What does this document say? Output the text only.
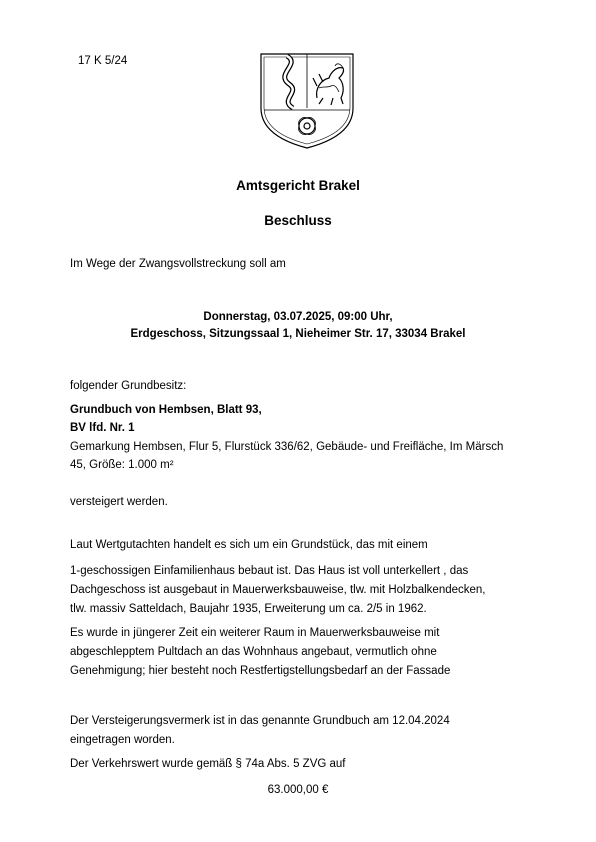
17 K 5/24
Amtsgericht Brakel
Beschluss
Im Wege der Zwangsvollstreckung soll am
Donnerstag, 03.07.2025, 09:00 Uhr,
Erdgeschoss, Sitzungssaal 1, Nieheimer Str. 17, 33034 Brakel
folgender Grundbesitz:
Grundbuch von Hembsen, Blatt 93,
BV lfd. Nr. 1
Gemarkung Hembsen, Flur 5, Flurstück 336/62, Gebäude- und Freifläche, Im Märsch
45, Größe: 1.000 m²
versteigert werden.
Laut Wertgutachten handelt es sich um ein Grundstück, das mit einem
1-geschossigen Einfamilienhaus bebaut ist. Das Haus ist voll unterkellert , das
Dachgeschoss ist ausgebaut in Mauerwerksbauweise, tlw. mit Holzbalkendecken,
tlw. massiv Satteldach, Baujahr 1935, Erweiterung um ca. 2/5 in 1962.
Es wurde in jüngerer Zeit ein weiterer Raum in Mauerwerksbauweise mit
abgeschlepptem Pultdach an das Wohnhaus angebaut, vermutlich ohne
Genehmigung; hier besteht noch Restfertigstellungsbedarf an der Fassade
Der Versteigerungsvermerk ist in das genannte Grundbuch am 12.04.2024
eingetragen worden.
Der Verkehrswert wurde gemäß § 74a Abs. 5 ZVG auf
63.000,00 €
